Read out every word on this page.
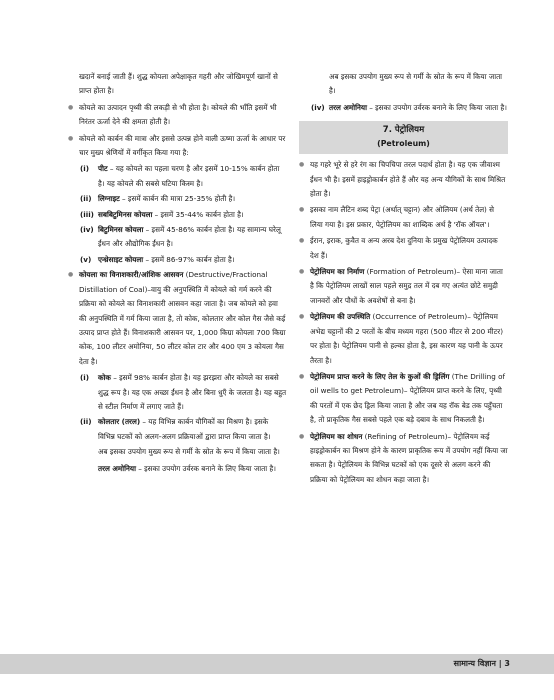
खदानें बनाई जाती हैं। शुद्ध कोयला अपेक्षाकृत गहरी और जोखिमपूर्ण खानों से प्राप्त होता है।

● कोयले का उत्पादन पृथ्वी की लकड़ी से भी होता है। कोयले की भाँति इसमें भी निरंतर ऊर्जा देने की क्षमता होती है।

● कोयले को कार्बन की मात्रा और इससे उत्पन्न होने वाली ऊष्मा ऊर्जा के आधार पर चार मुख्य श्रेणियों में वर्गीकृत किया गया है:

(i) पीट – यह कोयले का पहला चरण है और इसमें 10-15% कार्बन होता है। यह कोयले की सबसे घटिया किस्म है।

(ii) लिग्नाइट – इसमें कार्बन की मात्रा 25-35% होती है।

(iii) सबबिटुमिनस कोयला – इसमें 35-44% कार्बन होता है।

(iv) बिटुमिनस कोयला – इसमें 45-86% कार्बन होता है। यह सामान्य घरेलू ईंधन और औद्योगिक ईंधन है।

(v) एन्थ्रेसाइट कोयला – इसमें 86-97% कार्बन होता है।

● कोयला का विनाशकारी/आंशिक आसवन (Destructive/Fractional Distillation of Coal)–वायु की अनुपस्थिति में कोयले को गर्म करने की प्रक्रिया को कोयले का विनाशकारी आसवन कहा जाता है। जब कोयले को हवा की अनुपस्थिति में गर्म किया जाता है, तो कोक, कोलतार और कोल गैस जैसे कई उत्पाद प्राप्त होते हैं। विनाशकारी आसवन पर, 1,000 किग्रा कोयला 700 किग्रा कोक, 100 लीटर अमोनिया, 50 लीटर कोल टार और 400 एम 3 कोयला गैस देता है।

(i) कोक – इसमें 98% कार्बन होता है। यह झरझरा और कोयले का सबसे शुद्ध रूप है। यह एक अच्छा ईंधन है और बिना धुएँ के जलता है। यह बहुत से स्टील निर्माण में लगाए जाते हैं।

(ii) कोलतार (तरल) – यह विभिन्न कार्बन यौगिकों का मिश्रण है। इसके विभिन्न घटकों को अलग-अलग प्रक्रियाओं द्वारा प्राप्त किया जाता है।

अब इसका उपयोग मुख्य रूप से गर्मी के स्रोत के रूप में किया जाता है।

तरल अमोनिया – इसका उपयोग उर्वरक बनाने के लिए किया जाता है।

अब इसका उपयोग मुख्य रूप से गर्मी के स्रोत के रूप में किया जाता है।

(iv) तरल अमोनिया – इसका उपयोग उर्वरक बनाने के लिए किया जाता है।

7. पेट्रोलियम
(Petroleum)

● यह गहरे भूरे से हरे रंग का चिपचिपा तरल पदार्थ होता है। यह एक जीवाश्म ईंधन भी है। इसमें हाइड्रोकार्बन होते हैं और यह अन्य यौगिकों के साथ मिश्रित होता है।

● इसका नाम लैटिन शब्द पेट्रा (अर्थात् चट्टान) और ओलियम (अर्थ तेल) से लिया गया है। इस प्रकार, पेट्रोलियम का शाब्दिक अर्थ है 'रॉक ऑयल'।

● ईरान, इराक, कुवैत व अन्य अरब देश दुनिया के प्रमुख पेट्रोलियम उत्पादक देश हैं।

● पेट्रोलियम का निर्माण (Formation of Petroleum)– ऐसा माना जाता है कि पेट्रोलियम लाखों साल पहले समुद्र तल में दब गए अत्यंत छोटे समुद्री जानवरों और पौधों के अवशेषों से बना है।

● पेट्रोलियम की उपस्थिति (Occurrence of Petroleum)– पेट्रोलियम अभेद्य चट्टानों की 2 परतों के बीच मध्यम गहरा (500 मीटर से 200 मीटर) पर होता है। पेट्रोलियम पानी से हल्का होता है, इस कारण यह पानी के ऊपर तैरता है।

● पेट्रोलियम प्राप्त करने के लिए तेल के कुओं की ड्रिलिंग (The Drilling of oil wells to get Petroleum)– पेट्रोलियम प्राप्त करने के लिए, पृथ्वी की परतों में एक छेद ड्रिल किया जाता है और जब यह रॉक बेड तक पहुँचता है, तो प्राकृतिक गैस सबसे पहले एक बड़े दबाव के साथ निकलती है।

● पेट्रोलियम का शोधन (Refining of Petroleum)– पेट्रोलियम कई हाइड्रोकार्बन का मिश्रण होने के कारण प्राकृतिक रूप में उपयोग नहीं किया जा सकता है। पेट्रोलियम के विभिन्न घटकों को एक दूसरे से अलग करने की प्रक्रिया को पेट्रोलियम का शोधन कहा जाता है।

सामान्य विज्ञान | 3
